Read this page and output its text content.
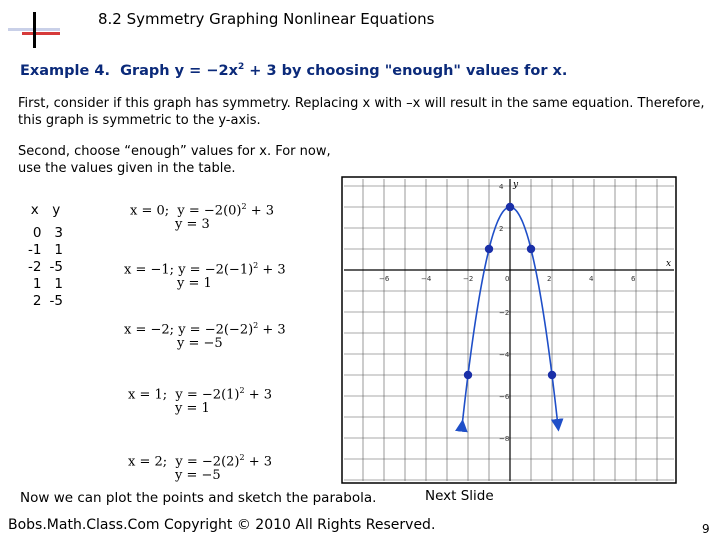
8.2 Symmetry Graphing Nonlinear Equations
Example 4. Graph $y = -2x^2 + 3$ by choosing "enough" values for x.
First, consider if this graph has symmetry. Replacing x with –x will result in the same equation. Therefore, this graph is symmetric to the y-axis.
Second, choose “enough” values for x. For now, use the values given in the table.
x	y
0	3
-1	1
-2	-5
1	1
2	-5
x = 0; $y = -2(0)^2 + 3$
y = 3
x = −1; $y = -2(-1)^2 + 3$
y = 1
x = −2; $y = -2(-2)^2 + 3$
y = −5
x = 1; $y = -2(1)^2 + 3$
y = 1
x = 2; $y = -2(2)^2 + 3$
y = −5
x
y
−6	−4	−2	0	2	4	6
4
2
−2
−4
−6
−8
Now we can plot the points and sketch the parabola.	Next Slide
Bobs.Math.Class.Com Copyright © 2010 All Rights Reserved.	9
